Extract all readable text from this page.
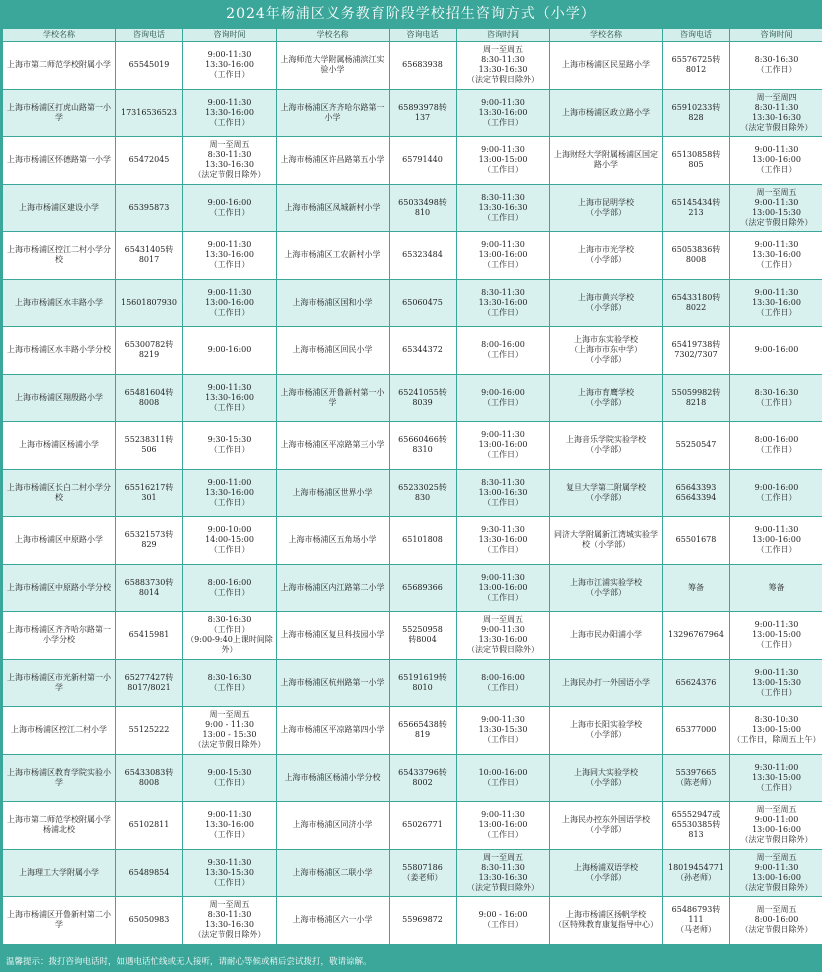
2024年杨浦区义务教育阶段学校招生咨询方式（小学）
学校名称	咨询电话	咨询时间
上海市第二师范学校附属小学	65545019	9:00-11:30
13:30-16:00
（工作日）
上海市杨浦区打虎山路第一小学	17316536523	9:00-11:30
13:30-16:00
（工作日）
上海市杨浦区怀德路第一小学	65472045	周一至周五
8:30-11:30
13:30-16:30
（法定节假日除外）
上海市杨浦区建设小学	65395873	9:00-16:00
（工作日）
上海市杨浦区控江二村小学分校	65431405转8017	9:00-11:30
13:30-16:00
（工作日）
上海市杨浦区水丰路小学	15601807930	9:00-11:30
13:00-16:00
（工作日）
上海市杨浦区水丰路小学分校	65300782转8219	9:00-16:00
上海市杨浦区翔殷路小学	65481604转8008	9:00-11:30
13:30-16:00
（工作日）
上海市杨浦区杨浦小学	55238311转506	9:30-15:30
（工作日）
上海市杨浦区长白二村小学分校	65516217转301	9:00-11:00
13:30-16:00
（工作日）
上海市杨浦区中原路小学	65321573转829	9:00-10:00
14:00-15:00
（工作日）
上海市杨浦区中原路小学分校	65883730转8014	8:00-16:00
（工作日）
上海市杨浦区齐齐哈尔路第一小学分校	65415981	8:30-16:30
（工作日）
（9:00-9:40上课时间除外）
上海市杨浦区市光新村第一小学	65277427转8017/8021	8:30-16:30
（工作日）
上海市杨浦区控江二村小学	55125222	周一至周五
9:00 - 11:30
13:00 - 15:30
（法定节假日除外）
上海市杨浦区教育学院实验小学	65433083转8008	9:00-15:30
（工作日）
上海市第二师范学校附属小学杨浦北校	65102811	9:00-11:30
13:30-16:00
（工作日）
上海理工大学附属小学	65489854	9:30-11:30
13:30-15:30
（工作日）
上海市杨浦区开鲁新村第二小学	65050983	周一至周五
8:30-11:30
13:30-16:30
（法定节假日除外）
学校名称	咨询电话	咨询时间
上海师范大学附属杨浦滨江实验小学	65683938	周一至周五
8:30-11:30
13:30-16:30
（法定节假日除外）
上海市杨浦区齐齐哈尔路第一小学	65893978转137	9:00-11:30
13:30-16:00
（工作日）
上海市杨浦区许昌路第五小学	65791440	9:00-11:30
13:00-15:00
（工作日）
上海市杨浦区凤城新村小学	65033498转810	8:30-11:30
13:30-16:30
（工作日）
上海市杨浦区工农新村小学	65323484	9:00-11:30
13:00-16:00
（工作日）
上海市杨浦区国和小学	65060475	8:30-11:30
13:30-16:00
（工作日）
上海市杨浦区回民小学	65344372	8:00-16:00
（工作日）
上海市杨浦区开鲁新村第一小学	65241055转8039	9:00-16:00
（工作日）
上海市杨浦区平凉路第三小学	65660466转8310	9:00-11:30
13:00-16:00
（工作日）
上海市杨浦区世界小学	65233025转830	8:30-11:30
13:00-16:30
（工作日）
上海市杨浦区五角场小学	65101808	9:30-11:30
13:30-16:00
（工作日）
上海市杨浦区内江路第二小学	65689366	9:00-11:30
13:00-16:00
（工作日）
上海市杨浦区复旦科技园小学	55250958
转8004	周一至周五
9:00-11:30
13:30-16:00
（法定节假日除外）
上海市杨浦区杭州路第一小学	65191619转8010	8:00-16:00
（工作日）
上海市杨浦区平凉路第四小学	65665438转819	9:00-11:30
13:30-15:30
（工作日）
上海市杨浦区杨浦小学分校	65433796转8002	10:00-16:00
（工作日）
上海市杨浦区同济小学	65026771	9:00-11:30
13:00-16:00
（工作日）
上海市杨浦区二联小学	55807186
（姜老师）	周一至周五
8:30-11:30
13:30-16:30
（法定节假日除外）
上海市杨浦区六一小学	55969872	9:00 - 16:00
（工作日）
学校名称	咨询电话	咨询时间
上海市杨浦区民星路小学	65576725转8012	8:30-16:30
（工作日）
上海市杨浦区政立路小学	65910233转828	周一至周四
8:30-11:30
13:30-16:30
（法定节假日除外）
上海财经大学附属杨浦区国定路小学	65130858转805	9:00-11:30
13:00-16:00
（工作日）
上海市昆明学校
（小学部）	65145434转213	周一至周五
9:00-11:30
13:00-15:30
（法定节假日除外）
上海市市光学校
（小学部）	65053836转8008	9:00-11:30
13:30-16:00
（工作日）
上海市黄兴学校
（小学部）	65433180转8022	9:00-11:30
13:30-16:00
（工作日）
上海市东实验学校
（上海市市东中学）
（小学部）	65419738转
7302/7307	9:00-16:00
上海市育鹰学校
（小学部）	55059982转8218	8:30-16:30
（工作日）
上海音乐学院实验学校
（小学部）	55250547	8:00-16:00
（工作日）
复旦大学第二附属学校
（小学部）	65643393
65643394	9:00-16:00
（工作日）
同济大学附属新江湾城实验学校（小学部）	65501678	9:00-11:30
13:00-16:00
（工作日）
上海市江浦实验学校
（小学部）	筹备	筹备
上海市民办阳浦小学	13296767964	9:00-11:30
13:00-15:00
（工作日）
上海民办打一外国语小学	65624376	9:00-11:30
13:00-15:30
（工作日）
上海市长阳实验学校
（小学部）	65377000	8:30-10:30
13:00-15:00
（工作日，除周五上午）
上海同大实验学校
（小学部）	55397665
（陈老师）	9:30-11:00
13:30-15:00
（工作日）
上海民办控东外国语学校
（小学部）	65552947或
65530385转813	周一至周五
9:00-11:00
13:00-16:00
（法定节假日除外）
上海杨浦双语学校
（小学部）	18019454771
（孙老师）	周一至周五
9:00-11:30
13:00-16:00
（法定节假日除外）
上海市杨浦区扬帆学校
（区特殊教育康复指导中心）	65486793转111
（马老师）	周一至周五
8:00-16:00
（法定节假日除外）
温馨提示：拨打咨询电话时，如遇电话忙线或无人接听，请耐心等候或稍后尝试拨打，敬请谅解。
